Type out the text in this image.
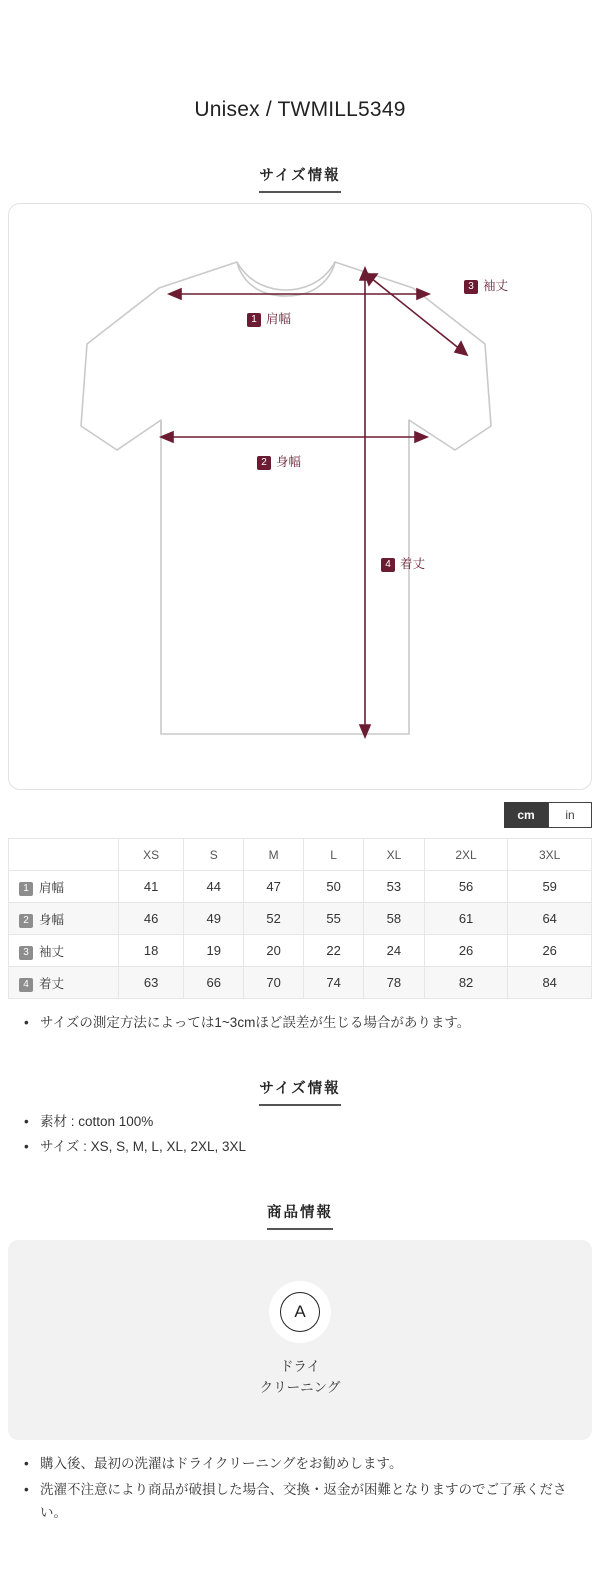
Unisex / TWMILL5349
サイズ情報
1 肩幅
2 身幅
3 袖丈
4 着丈
cm	in
	XS	S	M	L	XL	2XL	3XL
1 肩幅	41	44	47	50	53	56	59
2 身幅	46	49	52	55	58	61	64
3 袖丈	18	19	20	22	24	26	26
4 着丈	63	66	70	74	78	82	84
• サイズの測定方法によっては1~3cmほど誤差が生じる場合があります。
サイズ情報
• 素材 : cotton 100%
• サイズ : XS, S, M, L, XL, 2XL, 3XL
商品情報
A
ドライ
クリーニング
• 購入後、最初の洗濯はドライクリーニングをお勧めします。
• 洗濯不注意により商品が破損した場合、交換・返金が困難となりますのでご了承ください。
